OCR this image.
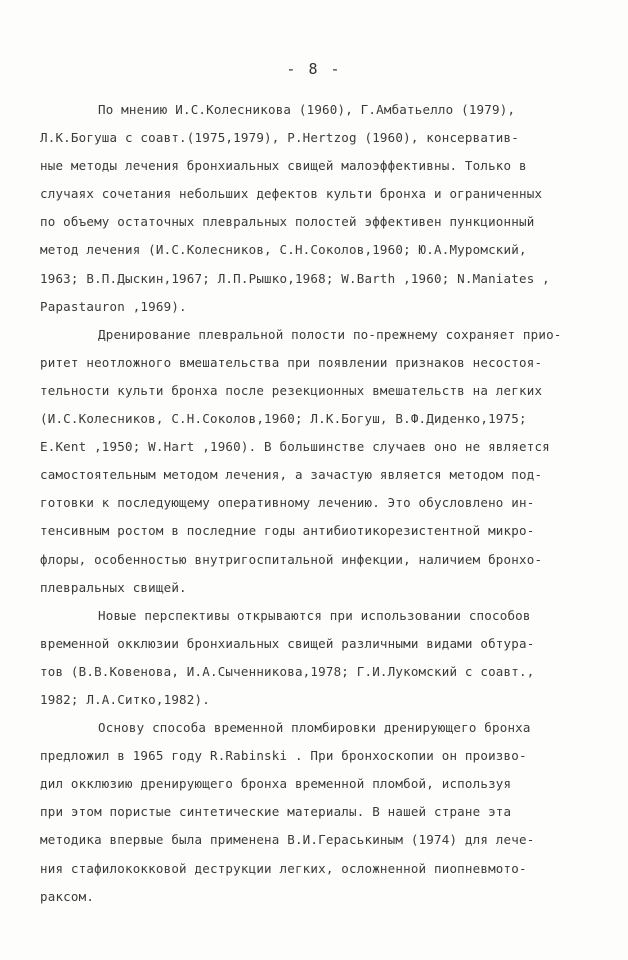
- 8 -
По мнению И.С.Колесникова (1960), Г.Амбатьелло (1979),
Л.К.Богуша с соавт.(1975,1979), P.Hertzog (1960), консерватив-
ные методы лечения бронхиальных свищей малоэффективны. Только в
случаях сочетания небольших дефектов культи бронха и ограниченных
по объему остаточных плевральных полостей эффективен пункционный
метод лечения (И.С.Колесников, С.Н.Соколов,1960; Ю.А.Муромский,
1963; В.П.Дыскин,1967; Л.П.Рышко,1968; W.Barth ,1960; N.Maniates ,
Papastauron ,1969).
Дренирование плевральной полости по-прежнему сохраняет прио-
ритет неотложного вмешательства при появлении признаков несостоя-
тельности культи бронха после резекционных вмешательств на легких
(И.С.Колесников, С.Н.Соколов,1960; Л.К.Богуш, В.Ф.Диденко,1975;
E.Kent ,1950; W.Hart ,1960). В большинстве случаев оно не является
самостоятельным методом лечения, а зачастую является методом под-
готовки к последующему оперативному лечению. Это обусловлено ин-
тенсивным ростом в последние годы антибиотикорезистентной микро-
флоры, особенностью внутригоспитальной инфекции, наличием бронхо-
плевральных свищей.
Новые перспективы открываются при использовании способов
временной окклюзии бронхиальных свищей различными видами обтура-
тов (В.В.Ковенова, И.А.Сыченникова,1978; Г.И.Лукомский с соавт.,
1982; Л.А.Ситко,1982).
Основу способа временной пломбировки дренирующего бронха
предложил в 1965 году R.Rabinski . При бронхоскопии он произво-
дил окклюзию дренирующего бронха временной пломбой, используя
при этом пористые синтетические материалы. В нашей стране эта
методика впервые была применена В.И.Гераськиным (1974) для лече-
ния стафилококковой деструкции легких, осложненной пиопневмото-
раксом.
